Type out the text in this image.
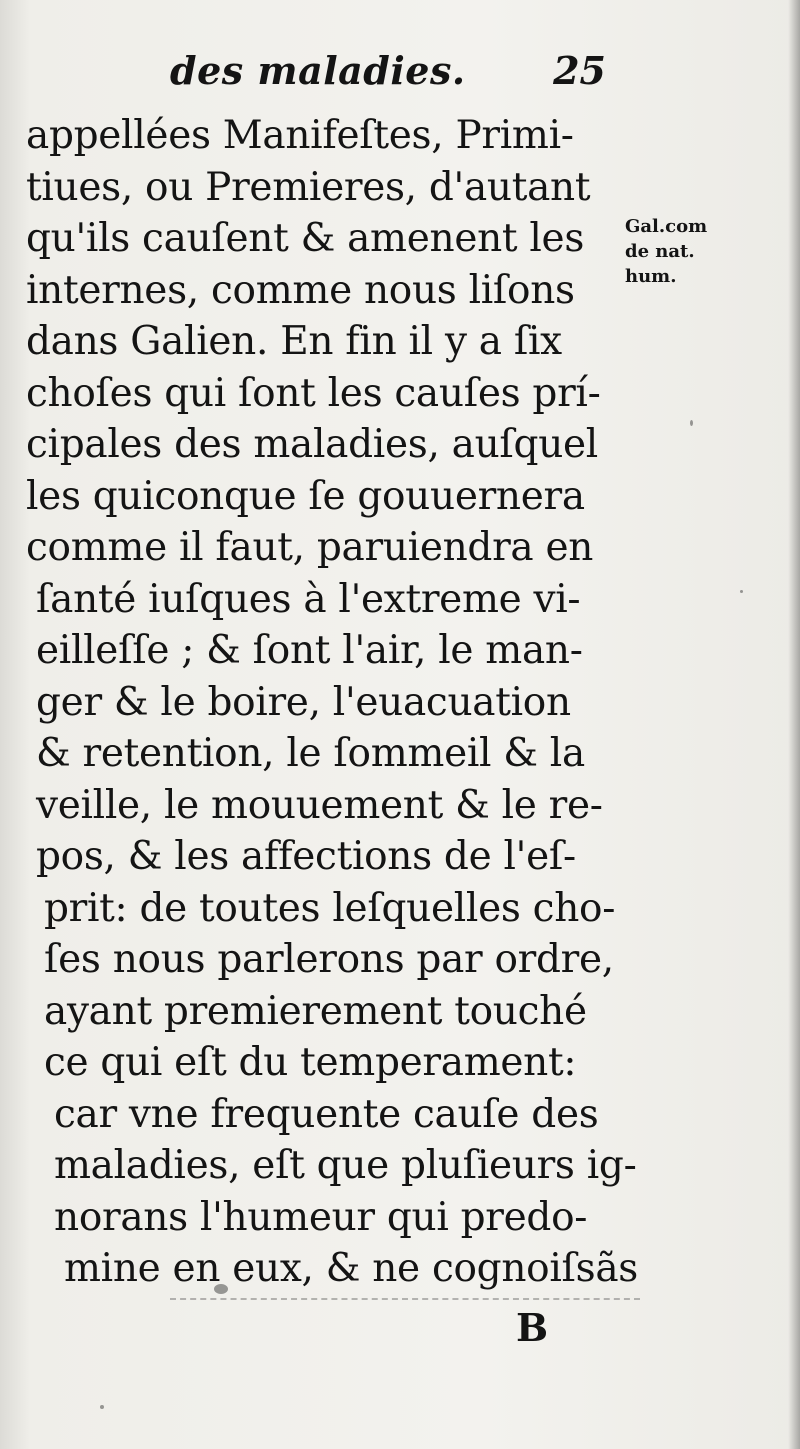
des maladies. 25
appellées Manifeſtes, Primi-
tiues, ou Premieres, d'autant
qu'ils cauſent & amenent les
internes, comme nous liſons
dans Galien. En fin il y a ſix
choſes qui ſont les cauſes prí-
cipales des maladies, auſquel
les quiconque ſe gouuernera
comme il faut, paruiendra en
ſanté iuſques à l'extreme vi-
eilleſſe ; & ſont l'air, le man-
ger & le boire, l'euacuation
& retention, le ſommeil & la
veille, le mouuement & le re-
pos, & les affections de l'eſ-
prit: de toutes leſquelles cho-
ſes nous parlerons par ordre,
ayant premierement touché
ce qui eſt du temperament:
car vne frequente cauſe des
maladies, eſt que pluſieurs ig-
norans l'humeur qui predo-
mine en eux, & ne cognoiſsãs
Gal.com
de nat.
hum.
B
